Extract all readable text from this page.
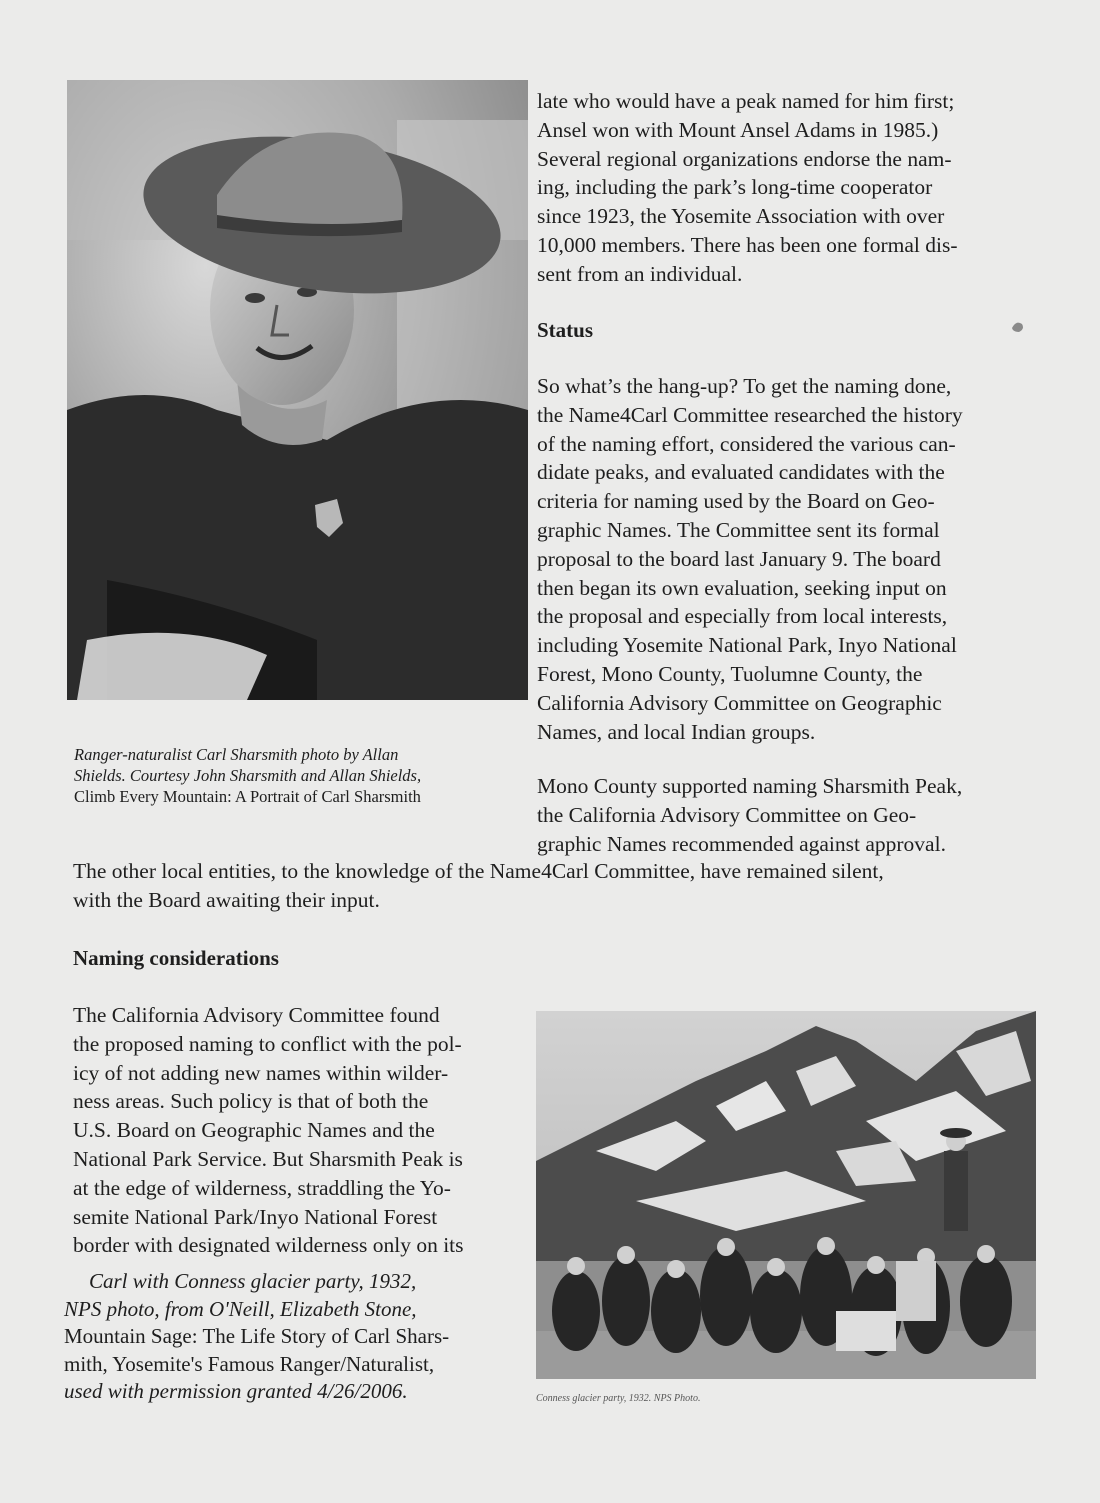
late who would have a peak named for him first;
Ansel won with Mount Ansel Adams in 1985.)
Several regional organizations endorse the nam-
ing, including the park’s long-time cooperator
since 1923, the Yosemite Association with over
10,000 members. There has been one formal dis-
sent from an individual.
Status
So what’s the hang-up? To get the naming done,
the Name4Carl Committee researched the history
of the naming effort, considered the various can-
didate peaks, and evaluated candidates with the
criteria for naming used by the Board on Geo-
graphic Names. The Committee sent its formal
proposal to the board last January 9. The board
then began its own evaluation, seeking input on
the proposal and especially from local interests,
including Yosemite National Park, Inyo National
Forest, Mono County, Tuolumne County, the
California Advisory Committee on Geographic
Names, and local Indian groups.
Ranger-naturalist Carl Sharsmith photo by Allan
Shields. Courtesy John Sharsmith and Allan Shields,
Climb Every Mountain: A Portrait of Carl Sharsmith	Mono County supported naming Sharsmith Peak,
the California Advisory Committee on Geo-
graphic Names recommended against approval.
The other local entities, to the knowledge of the Name4Carl Committee, have remained silent,
with the Board awaiting their input.
Naming considerations
The California Advisory Committee found
the proposed naming to conflict with the pol-
icy of not adding new names within wilder-
ness areas. Such policy is that of both the
U.S. Board on Geographic Names and the
National Park Service. But Sharsmith Peak is
at the edge of wilderness, straddling the Yo-
semite National Park/Inyo National Forest
border with designated wilderness only on its
Carl with Conness glacier party, 1932,
NPS photo, from O'Neill, Elizabeth Stone,
Mountain Sage: The Life Story of Carl Shars-
mith, Yosemite's Famous Ranger/Naturalist,
used with permission granted 4/26/2006.	Conness glacier party, 1932. NPS Photo.
